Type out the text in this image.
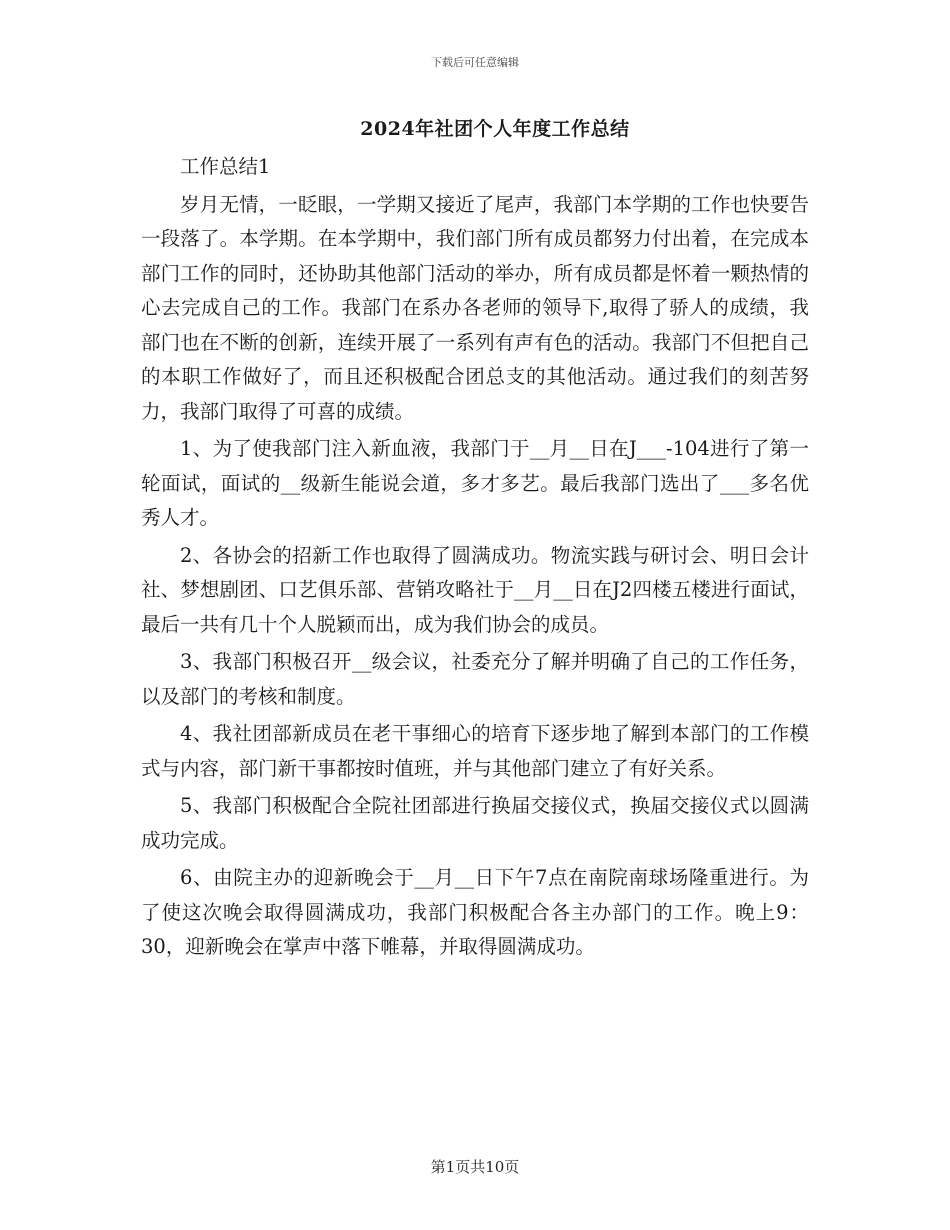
下载后可任意编辑
2024年社团个人年度工作总结

工作总结1

岁月无情，一眨眼，一学期又接近了尾声，我部门本学期的工作也快要告一段落了。本学期。在本学期中，我们部门所有成员都努力付出着，在完成本部门工作的同时，还协助其他部门活动的举办，所有成员都是怀着一颗热情的心去完成自己的工作。我部门在系办各老师的领导下,取得了骄人的成绩，我部门也在不断的创新，连续开展了一系列有声有色的活动。我部门不但把自己的本职工作做好了，而且还积极配合团总支的其他活动。通过我们的刻苦努力，我部门取得了可喜的成绩。

1、为了使我部门注入新血液，我部门于__月__日在J___-104进行了第一轮面试，面试的__级新生能说会道，多才多艺。最后我部门选出了___多名优秀人才。

2、各协会的招新工作也取得了圆满成功。物流实践与研讨会、明日会计社、梦想剧团、口艺俱乐部、营销攻略社于__月__日在J2四楼五楼进行面试，最后一共有几十个人脱颖而出，成为我们协会的成员。

3、我部门积极召开__级会议，社委充分了解并明确了自己的工作任务，以及部门的考核和制度。

4、我社团部新成员在老干事细心的培育下逐步地了解到本部门的工作模式与内容，部门新干事都按时值班，并与其他部门建立了有好关系。

5、我部门积极配合全院社团部进行换届交接仪式，换届交接仪式以圆满成功完成。

6、由院主办的迎新晚会于__月__日下午7点在南院南球场隆重进行。为了使这次晚会取得圆满成功，我部门积极配合各主办部门的工作。晚上9：30，迎新晚会在掌声中落下帷幕，并取得圆满成功。

第1页共10页
